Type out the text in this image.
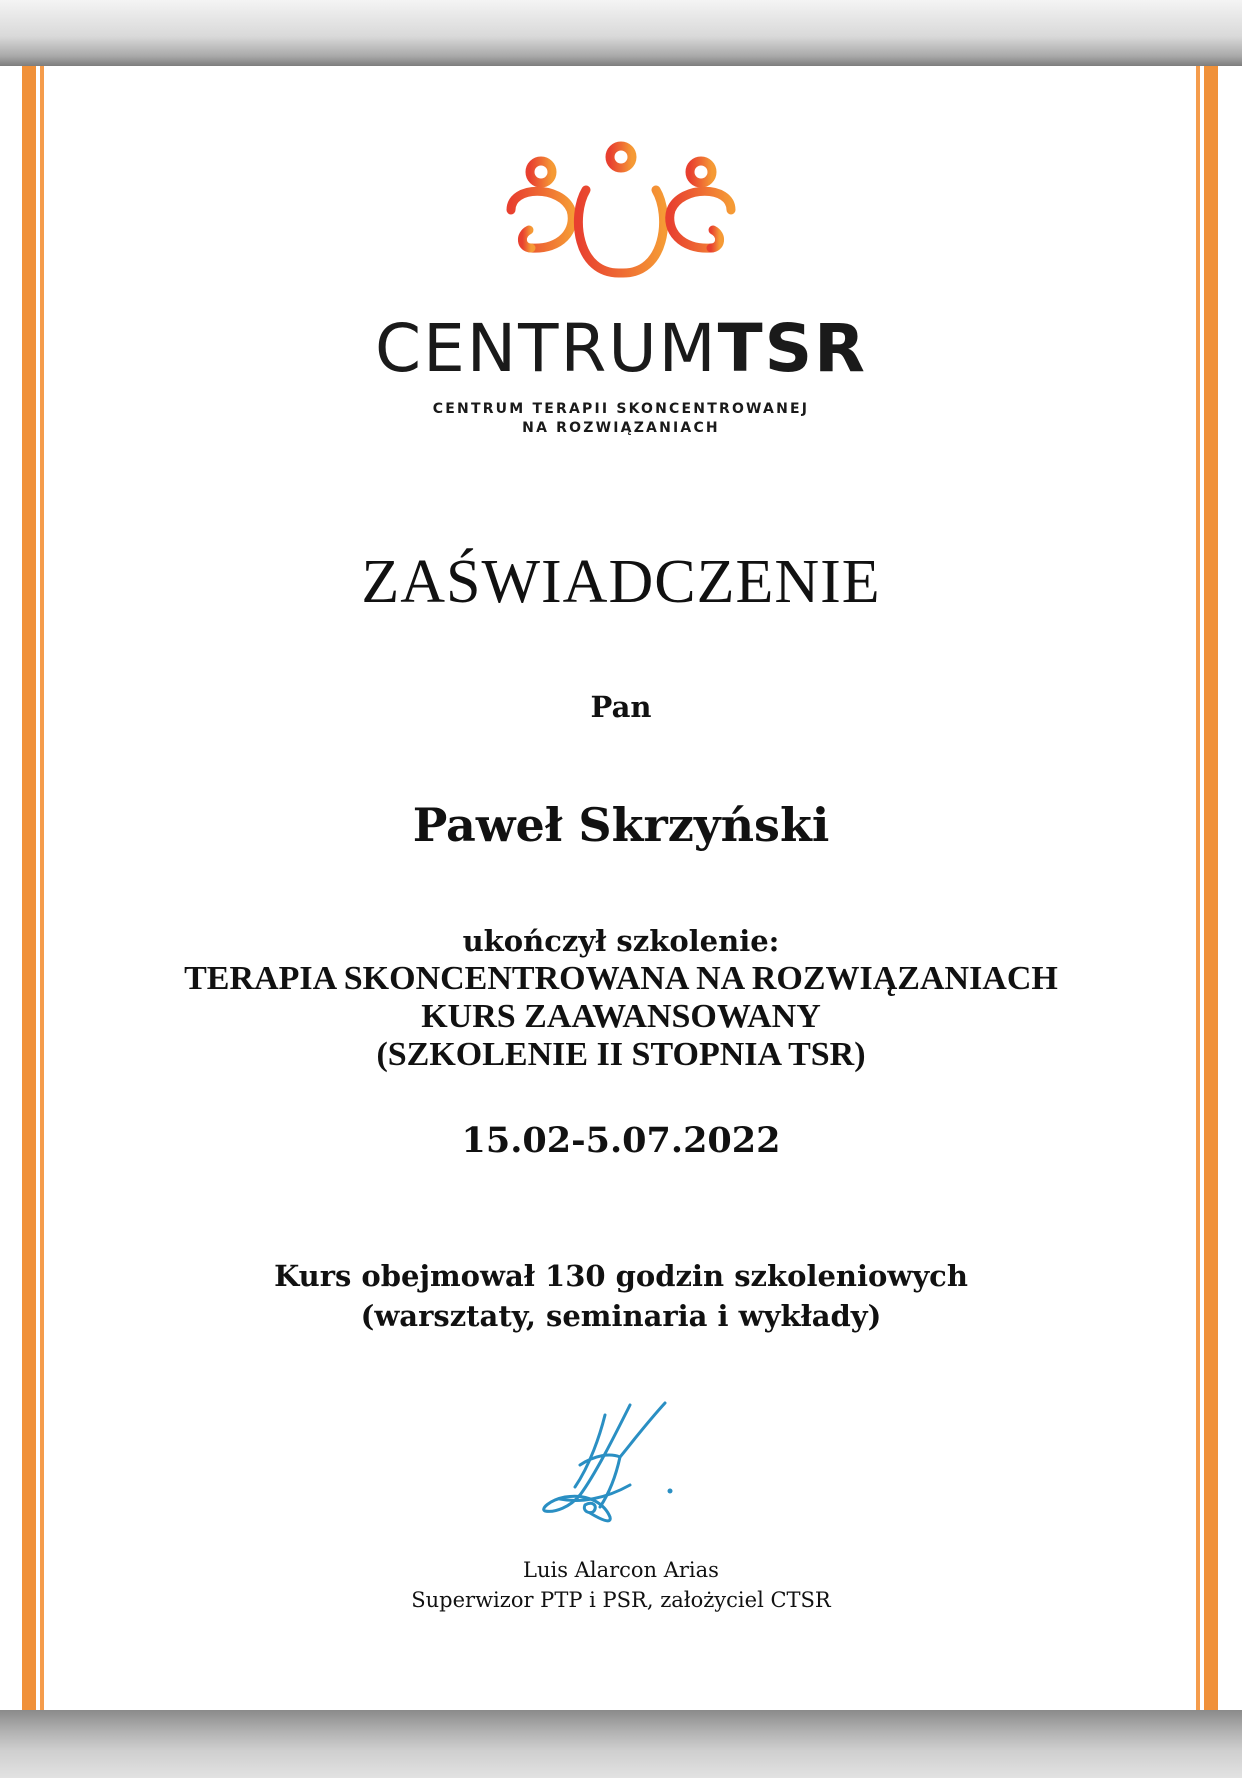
CENTRUMTSR
CENTRUM TERAPII SKONCENTROWANEJ
NA ROZWIĄZANIACH
ZAŚWIADCZENIE
Pan
Paweł Skrzyński
ukończył szkolenie:
TERAPIA SKONCENTROWANA NA ROZWIĄZANIACH
KURS ZAAWANSOWANY
(SZKOLENIE II STOPNIA TSR)
15.02-5.07.2022
Kurs obejmował 130 godzin szkoleniowych
(warsztaty, seminaria i wykłady)
Luis Alarcon Arias
Superwizor PTP i PSR, założyciel CTSR
